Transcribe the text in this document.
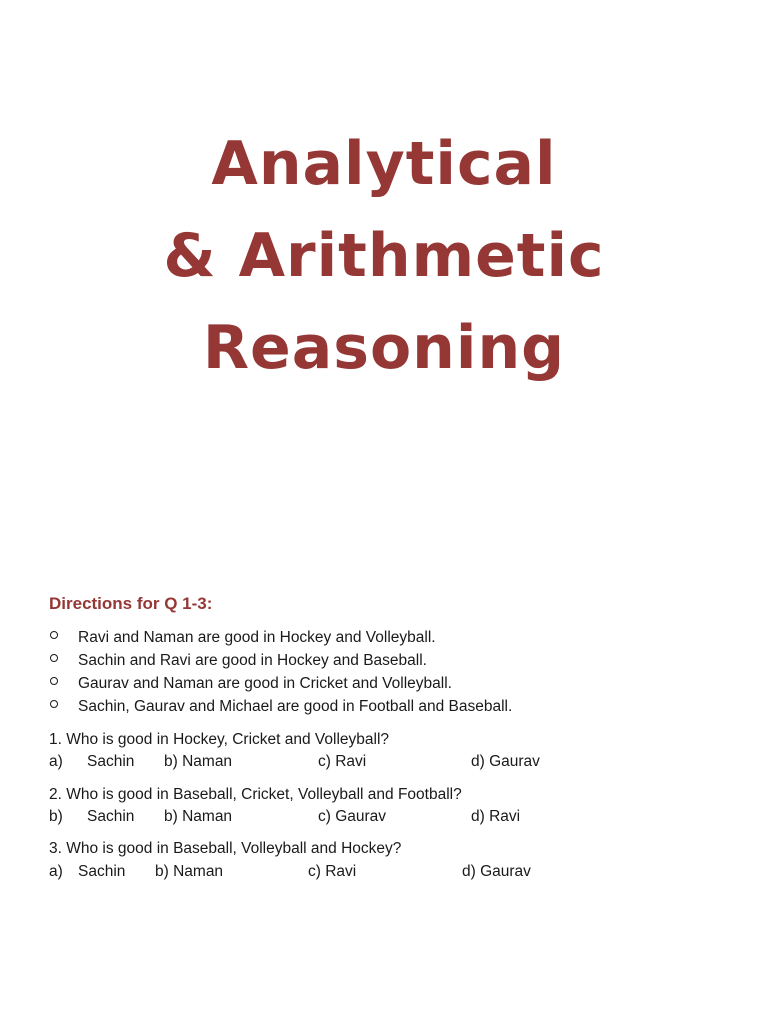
Analytical
& Arithmetic
Reasoning

Directions for Q 1-3:

Ravi and Naman are good in Hockey and Volleyball.
Sachin and Ravi are good in Hockey and Baseball.
Gaurav and Naman are good in Cricket and Volleyball.
Sachin, Gaurav and Michael are good in Football and Baseball.
1. Who is good in Hockey, Cricket and Volleyball?
a) Sachin b) Naman	c) Ravi	d) Gaurav
2. Who is good in Baseball, Cricket, Volleyball and Football?
b) Sachin b) Naman	c) Gaurav	d) Ravi
3. Who is good in Baseball, Volleyball and Hockey?
a) Sachin b) Naman	c) Ravi	d) Gaurav
